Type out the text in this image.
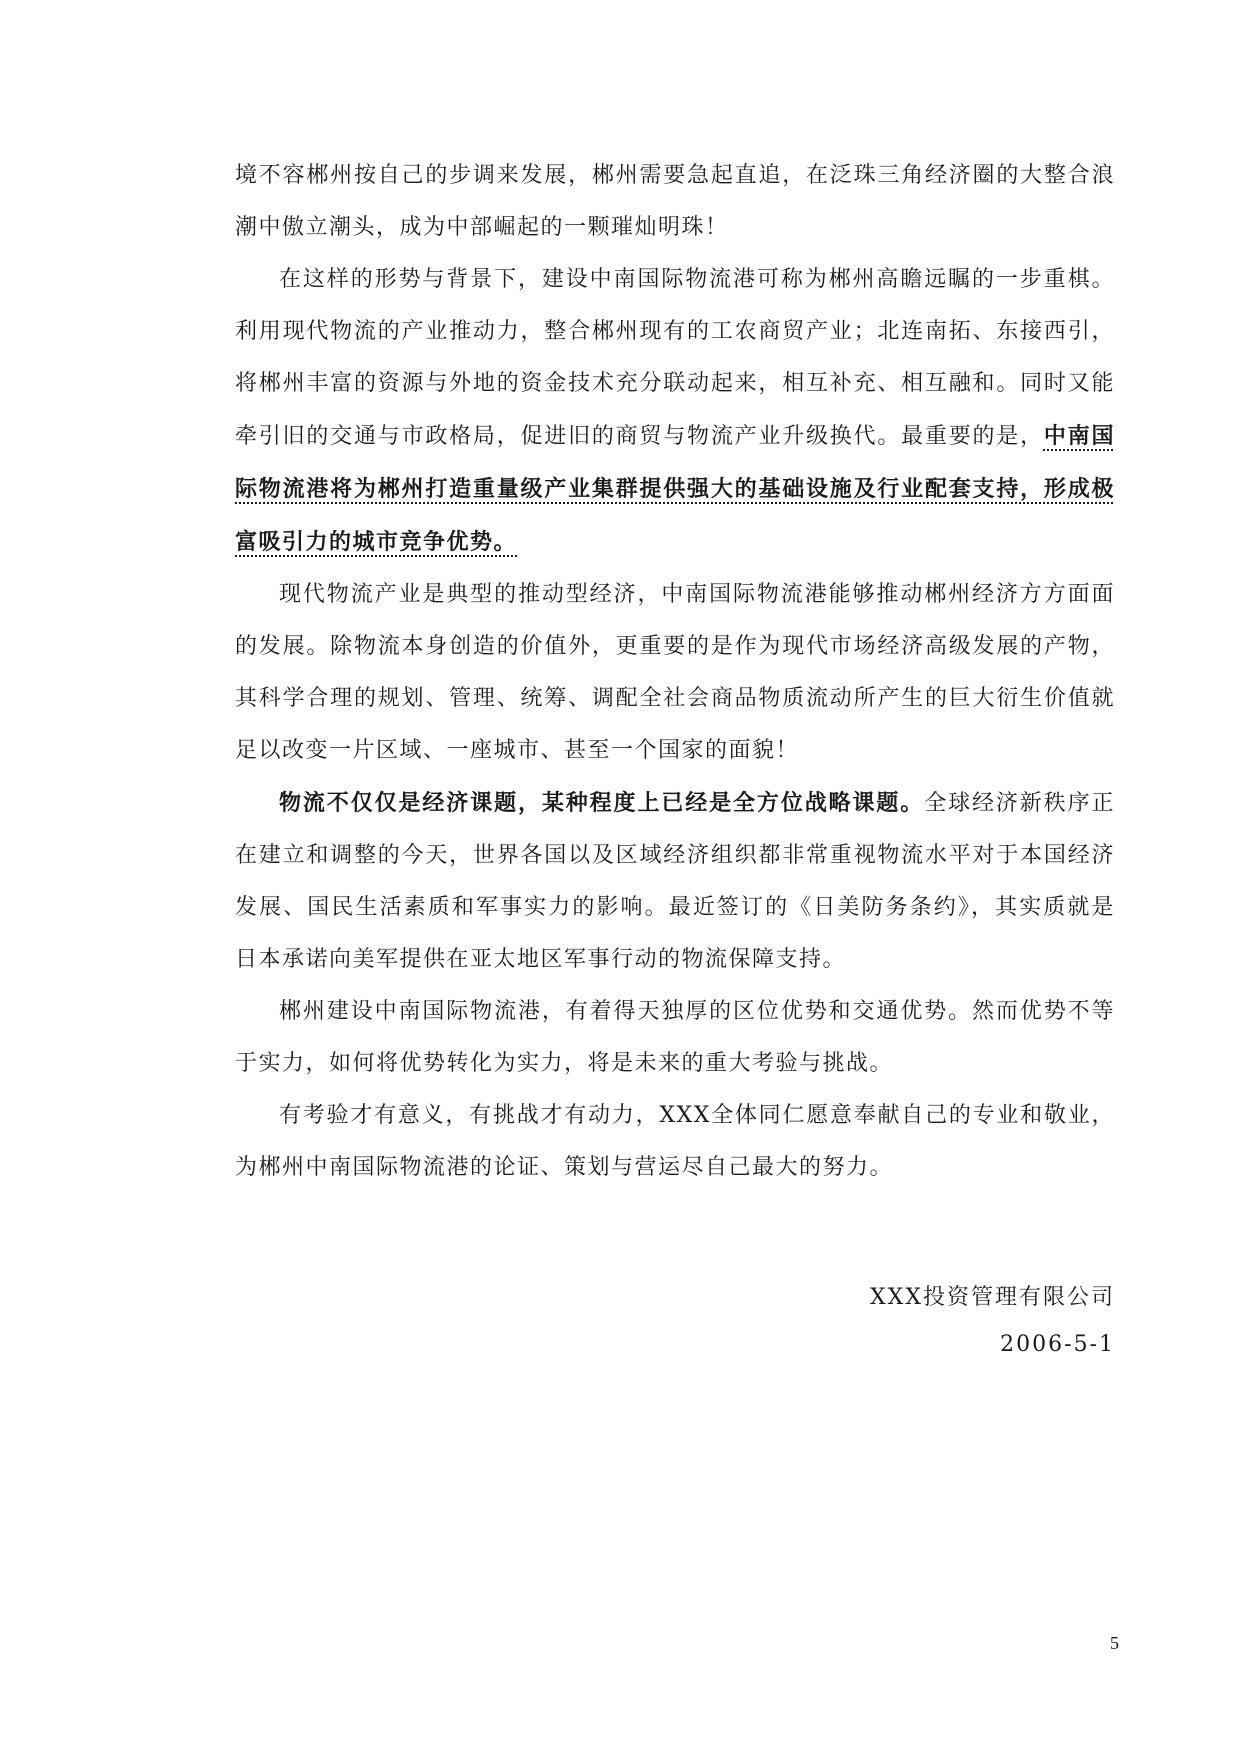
境不容郴州按自己的步调来发展，郴州需要急起直追，在泛珠三角经济圈的大整合浪潮中傲立潮头，成为中部崛起的一颗璀灿明珠！

在这样的形势与背景下，建设中南国际物流港可称为郴州高瞻远瞩的一步重棋。利用现代物流的产业推动力，整合郴州现有的工农商贸产业；北连南拓、东接西引，将郴州丰富的资源与外地的资金技术充分联动起来，相互补充、相互融和。同时又能牵引旧的交通与市政格局，促进旧的商贸与物流产业升级换代。最重要的是，中南国际物流港将为郴州打造重量级产业集群提供强大的基础设施及行业配套支持，形成极富吸引力的城市竞争优势。

现代物流产业是典型的推动型经济，中南国际物流港能够推动郴州经济方方面面的发展。除物流本身创造的价值外，更重要的是作为现代市场经济高级发展的产物，其科学合理的规划、管理、统筹、调配全社会商品物质流动所产生的巨大衍生价值就足以改变一片区域、一座城市、甚至一个国家的面貌！

物流不仅仅是经济课题，某种程度上已经是全方位战略课题。全球经济新秩序正在建立和调整的今天，世界各国以及区域经济组织都非常重视物流水平对于本国经济发展、国民生活素质和军事实力的影响。最近签订的《日美防务条约》，其实质就是日本承诺向美军提供在亚太地区军事行动的物流保障支持。

郴州建设中南国际物流港，有着得天独厚的区位优势和交通优势。然而优势不等于实力，如何将优势转化为实力，将是未来的重大考验与挑战。

有考验才有意义，有挑战才有动力，XXX全体同仁愿意奉献自己的专业和敬业，为郴州中南国际物流港的论证、策划与营运尽自己最大的努力。

XXX投资管理有限公司
2006-5-1
5
